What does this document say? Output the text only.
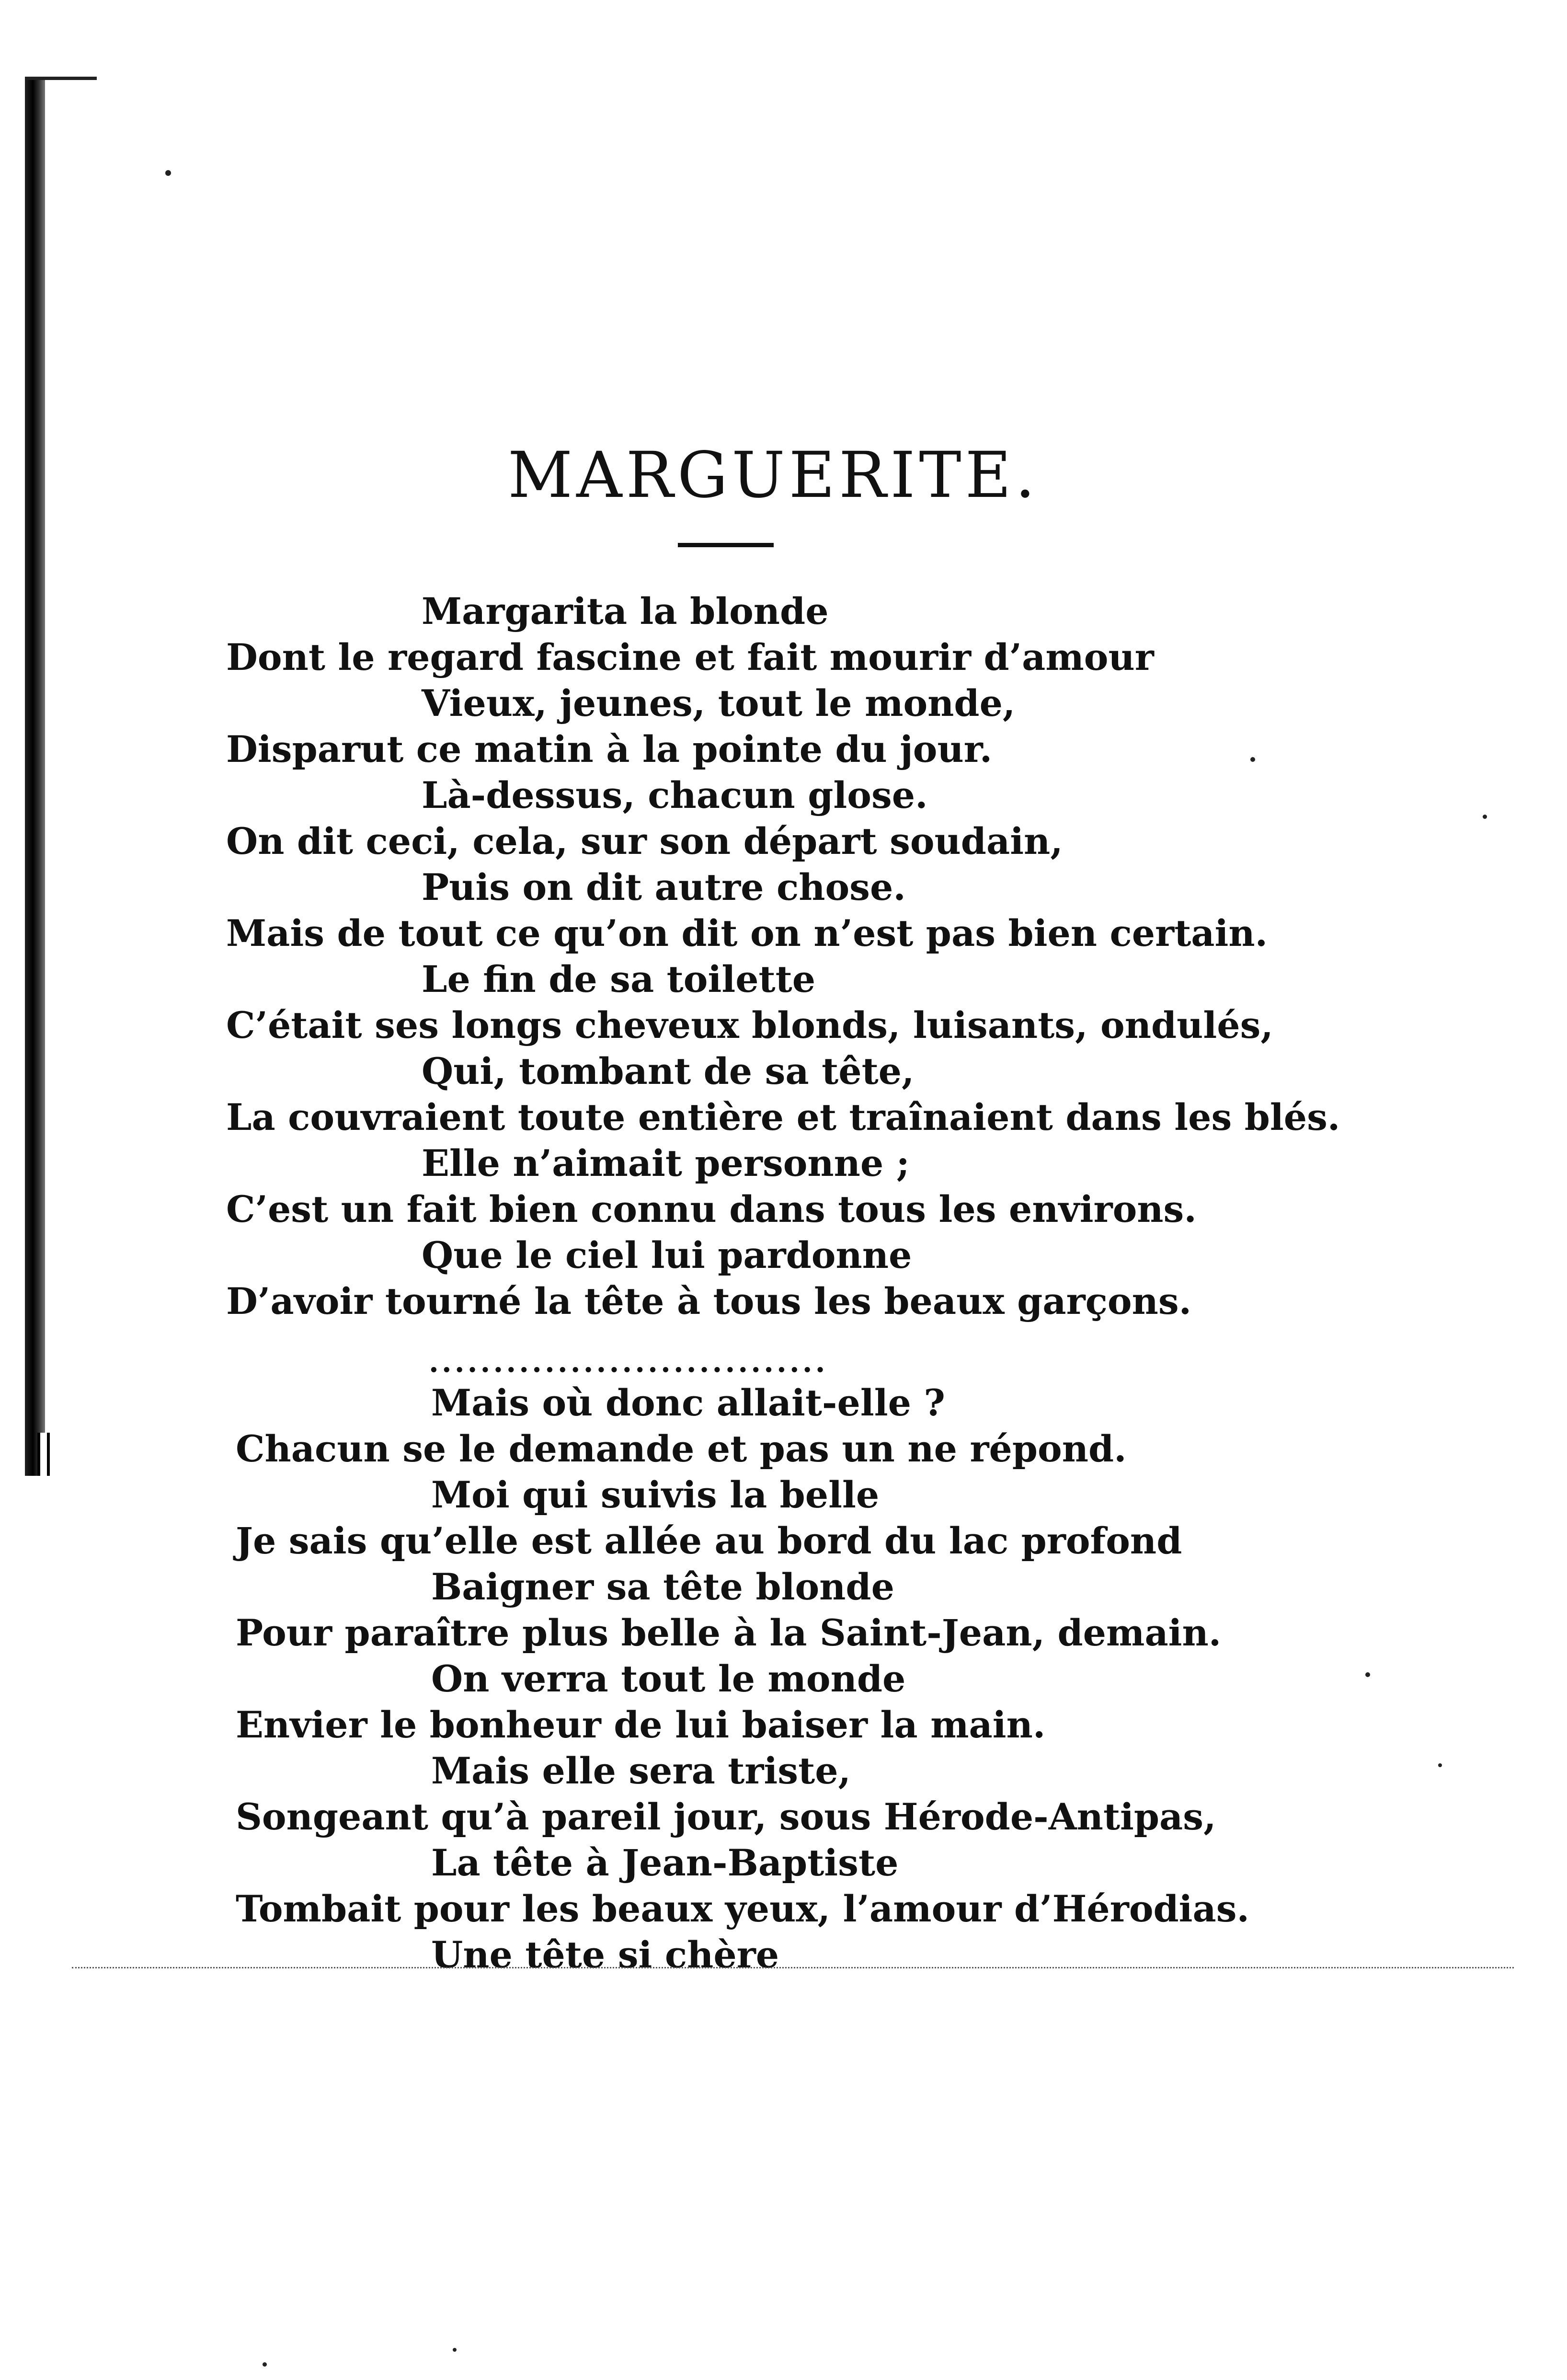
MARGUERITE.
Margarita la blonde
Dont le regard fascine et fait mourir d’amour
Vieux, jeunes, tout le monde,
Disparut ce matin à la pointe du jour.
Là-dessus, chacun glose.
On dit ceci, cela, sur son départ soudain,
Puis on dit autre chose.
Mais de tout ce qu’on dit on n’est pas bien certain.
Le fin de sa toilette
C’était ses longs cheveux blonds, luisants, ondulés,
Qui, tombant de sa tête,
La couvraient toute entière et traînaient dans les blés.
Elle n’aimait personne ;
C’est un fait bien connu dans tous les environs.
Que le ciel lui pardonne
D’avoir tourné la tête à tous les beaux garçons.
...............................
Mais où donc allait-elle ?
Chacun se le demande et pas un ne répond.
Moi qui suivis la belle
Je sais qu’elle est allée au bord du lac profond
Baigner sa tête blonde
Pour paraître plus belle à la Saint-Jean, demain.
On verra tout le monde
Envier le bonheur de lui baiser la main.
Mais elle sera triste,
Songeant qu’à pareil jour, sous Hérode-Antipas,
La tête à Jean-Baptiste
Tombait pour les beaux yeux, l’amour d’Hérodias.
Une tête si chère
